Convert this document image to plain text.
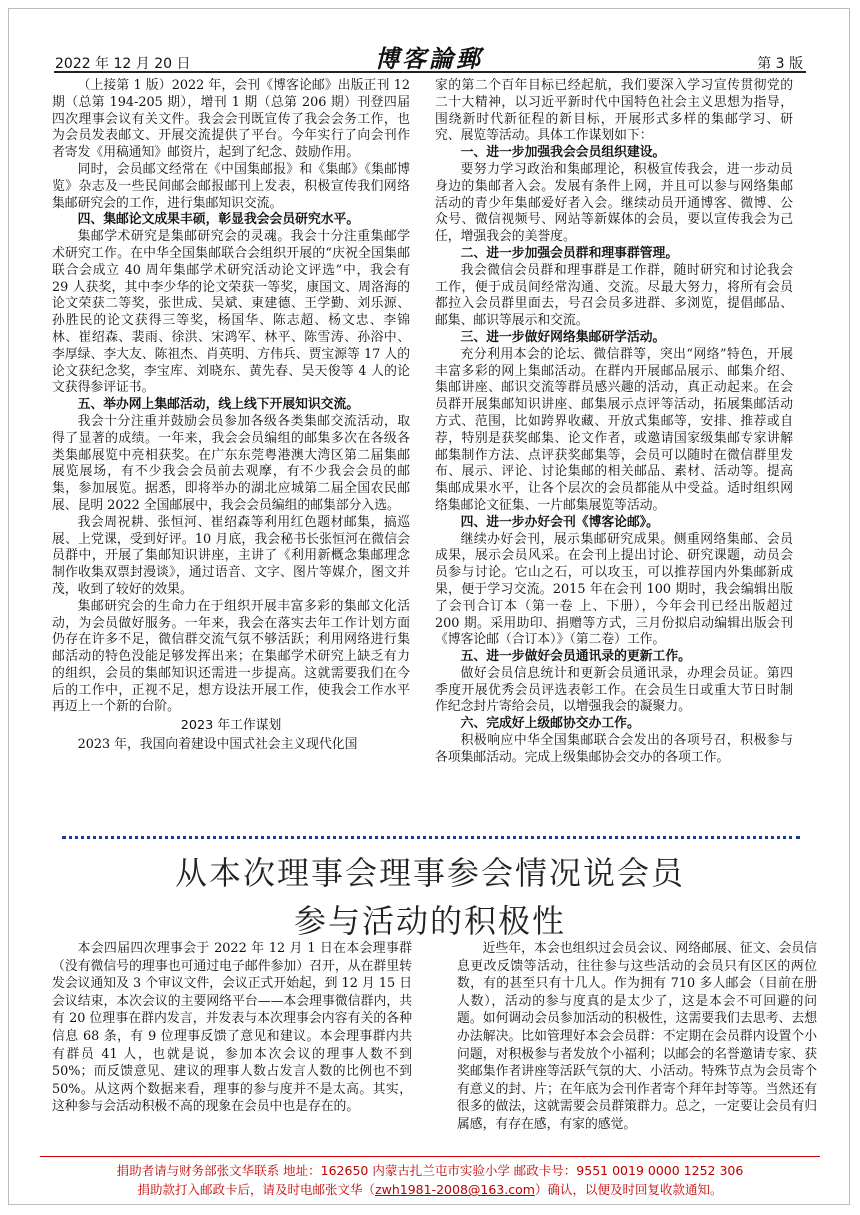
2022 年 12 月 20 日	博客論郵	第 3 版

（上接第 1 版）2022 年，会刊《博客论邮》出版正刊 12 期（总第 194-205 期），增刊 1 期（总第 206 期）刊登四届四次理事会议有关文件。我会会刊既宣传了我会会务工作，也为会员发表邮文、开展交流提供了平台。今年实行了向会刊作者寄发《用稿通知》邮资片，起到了纪念、鼓励作用。

同时，会员邮文经常在《中国集邮报》和《集邮》《集邮博览》杂志及一些民间邮会邮报邮刊上发表，积极宣传我们网络集邮研究会的工作，进行集邮知识交流。

四、集邮论文成果丰硕，彰显我会会员研究水平。

集邮学术研究是集邮研究会的灵魂。我会十分注重集邮学术研究工作。在中华全国集邮联合会组织开展的“庆祝全国集邮联合会成立 40 周年集邮学术研究活动论文评选”中，我会有 29 人获奖，其中李少华的论文荣获一等奖，康国文、周洛海的论文荣获二等奖，张世成、吴斌、東建德、王学勤、刘乐源、孙胜民的论文获得三等奖，杨国华、陈志超、杨文忠、李锦林、崔绍森、裴雨、徐洪、宋鸿军、林平、陈雪涛、孙浴中、李厚绿、李大友、陈祖杰、肖英明、方伟兵、贾宝源等 17 人的论文获纪念奖，李宝库、刘晓东、黄先春、吴天俊等 4 人的论文获得参评证书。

五、举办网上集邮活动，线上线下开展知识交流。

我会十分注重并鼓励会员参加各级各类集邮交流活动，取得了显著的成绩。一年来，我会会员编组的邮集多次在各级各类集邮展览中亮相获奖。在广东东莞粤港澳大湾区第二届集邮展览展场，有不少我会会员前去观摩，有不少我会会员的邮集，参加展览。据悉，即将举办的湖北应城第二届全国农民邮展、昆明 2022 全国邮展中，我会会员编组的邮集部分入选。

我会周祝耕、张恒河、崔绍森等利用红色题材邮集，搞巡展、上党课，受到好评。10 月底，我会秘书长张恒河在微信会员群中，开展了集邮知识讲座，主讲了《利用新概念集邮理念制作收集双票封漫谈》，通过语音、文字、图片等媒介，图文并茂，收到了较好的效果。

集邮研究会的生命力在于组织开展丰富多彩的集邮文化活动，为会员做好服务。一年来，我会在落实去年工作计划方面仍存在许多不足，微信群交流气氛不够活跃；利用网络进行集邮活动的特色没能足够发挥出来；在集邮学术研究上缺乏有力的组织，会员的集邮知识还需进一步提高。这就需要我们在今后的工作中，正视不足，想方设法开展工作，使我会工作水平再迈上一个新的台阶。

2023 年工作谋划

2023 年，我国向着建设中国式社会主义现代化国

家的第二个百年目标已经起航，我们要深入学习宣传贯彻党的二十大精神，以习近平新时代中国特色社会主义思想为指导，围绕新时代新征程的新目标，开展形式多样的集邮学习、研究、展览等活动。具体工作谋划如下：

一、进一步加强我会会员组织建设。

要努力学习政治和集邮理论，积极宣传我会，进一步动员身边的集邮者入会。发展有条件上网，并且可以参与网络集邮活动的青少年集邮爱好者入会。继续动员开通博客、微博、公众号、微信视频号、网站等新媒体的会员，要以宣传我会为己任，增强我会的美誉度。

二、进一步加强会员群和理事群管理。

我会微信会员群和理事群是工作群，随时研究和讨论我会工作，便于成员间经常沟通、交流。尽最大努力，将所有会员都拉入会员群里面去，号召会员多进群、多浏览，提倡邮品、邮集、邮识等展示和交流。

三、进一步做好网络集邮研学活动。

充分利用本会的论坛、微信群等，突出“网络”特色，开展丰富多彩的网上集邮活动。在群内开展邮品展示、邮集介绍、集邮讲座、邮识交流等群员感兴趣的活动，真正动起来。在会员群开展集邮知识讲座、邮集展示点评等活动，拓展集邮活动方式、范围，比如跨界收藏、开放式集邮等，安排、推荐或自荐，特别是获奖邮集、论文作者，或邀请国家级集邮专家讲解邮集制作方法、点评获奖邮集等，会员可以随时在微信群里发布、展示、评论、讨论集邮的相关邮品、素材、活动等。提高集邮成果水平，让各个层次的会员都能从中受益。适时组织网络集邮论文征集、一片邮集展览等活动。

四、进一步办好会刊《博客论邮》。

继续办好会刊，展示集邮研究成果。侧重网络集邮、会员成果，展示会员风采。在会刊上提出讨论、研究课题，动员会员参与讨论。它山之石，可以攻玉，可以推荐国内外集邮新成果，便于学习交流。2015 年在会刊 100 期时，我会编辑出版了会刊合订本（第一卷 上、下册），今年会刊已经出版超过 200 期。采用助印、捐赠等方式，三月份拟启动编辑出版会刊《博客论邮（合订本）》（第二卷）工作。

五、进一步做好会员通讯录的更新工作。

做好会员信息统计和更新会员通讯录，办理会员证。第四季度开展优秀会员评选表彰工作。在会员生日或重大节日时制作纪念封片寄给会员，以增强我会的凝聚力。

六、完成好上级邮协交办工作。

积极响应中华全国集邮联合会发出的各项号召，积极参与各项集邮活动。完成上级集邮协会交办的各项工作。

从本次理事会理事参会情况说会员
参与活动的积极性

本会四届四次理事会于 2022 年 12 月 1 日在本会理事群（没有微信号的理事也可通过电子邮件参加）召开，从在群里转发会议通知及 3 个审议文件，会议正式开始起，到 12 月 15 日会议结束，本次会议的主要网络平台——本会理事微信群内，共有 20 位理事在群内发言，并发表与本次理事会内容有关的各种信息 68 条，有 9 位理事反馈了意见和建议。本会理事群内共有群员 41 人，也就是说，参加本次会议的理事人数不到 50%；而反馈意见、建议的理事人数占发言人数的比例也不到 50%。从这两个数据来看，理事的参与度并不是太高。其实，这种参与会活动积极不高的现象在会员中也是存在的。

近些年，本会也组织过会员会议、网络邮展、征文、会员信息更改反馈等活动，往往参与这些活动的会员只有区区的两位数，有的甚至只有十几人。作为拥有 710 多人邮会（目前在册人数），活动的参与度真的是太少了，这是本会不可回避的问题。如何调动会员参加活动的积极性，这需要我们去思考、去想办法解决。比如管理好本会会员群：不定期在会员群内设置个小问题，对积极参与者发放个小福利；以邮会的名誉邀请专家、获奖邮集作者讲座等活跃气氛的大、小活动。特殊节点为会员寄个有意义的封、片；在年底为会刊作者寄个拜年封等等。当然还有很多的做法，这就需要会员群策群力。总之，一定要让会员有归属感，有存在感，有家的感觉。

捐助者请与财务部张文华联系 地址：162650 内蒙古扎兰屯市实验小学 邮政卡号：9551 0019 0000 1252 306
捐助款打入邮政卡后，请及时电邮张文华（zwh1981-2008@163.com）确认，以便及时回复收款通知。
